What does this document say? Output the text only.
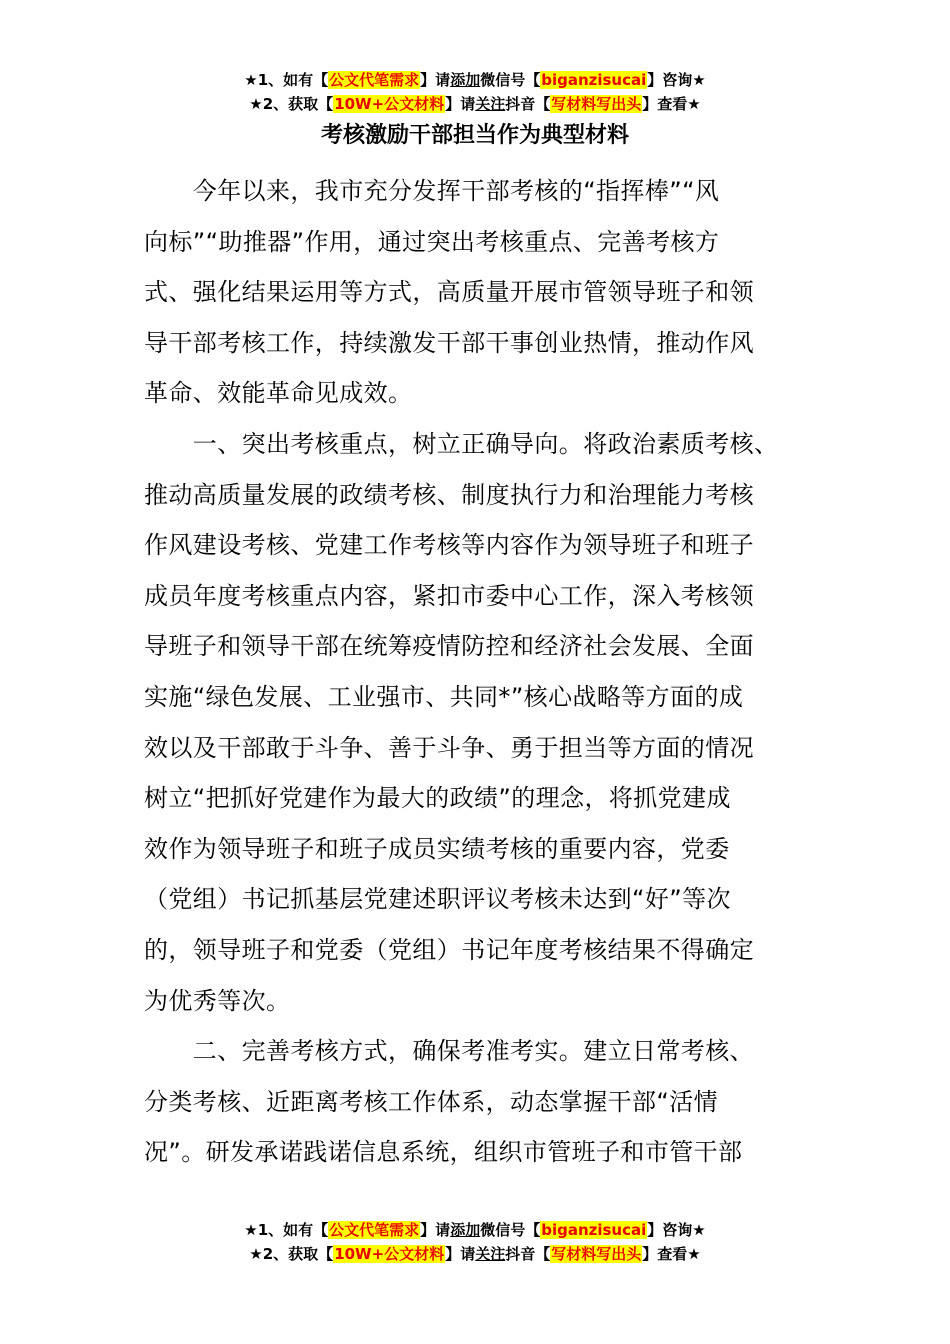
★1、如有【公文代笔需求】请添加微信号【biganzisucai】咨询★
★2、获取【10W+公文材料】请关注抖音【写材料写出头】查看★
考核激励干部担当作为典型材料
　　今年以来，我市充分发挥干部考核的“指挥棒”“风
向标”“助推器”作用，通过突出考核重点、完善考核方
式、强化结果运用等方式，高质量开展市管领导班子和领
导干部考核工作，持续激发干部干事创业热情，推动作风
革命、效能革命见成效。
　　一、突出考核重点，树立正确导向。将政治素质考核、
推动高质量发展的政绩考核、制度执行力和治理能力考核
作风建设考核、党建工作考核等内容作为领导班子和班子
成员年度考核重点内容，紧扣市委中心工作，深入考核领
导班子和领导干部在统筹疫情防控和经济社会发展、全面
实施“绿色发展、工业强市、共同*”核心战略等方面的成
效以及干部敢于斗争、善于斗争、勇于担当等方面的情况
树立“把抓好党建作为最大的政绩”的理念，将抓党建成
效作为领导班子和班子成员实绩考核的重要内容，党委
（党组）书记抓基层党建述职评议考核未达到“好”等次
的，领导班子和党委（党组）书记年度考核结果不得确定
为优秀等次。
　　二、完善考核方式，确保考准考实。建立日常考核、
分类考核、近距离考核工作体系，动态掌握干部“活情
况”。研发承诺践诺信息系统，组织市管班子和市管干部
★1、如有【公文代笔需求】请添加微信号【biganzisucai】咨询★
★2、获取【10W+公文材料】请关注抖音【写材料写出头】查看★
